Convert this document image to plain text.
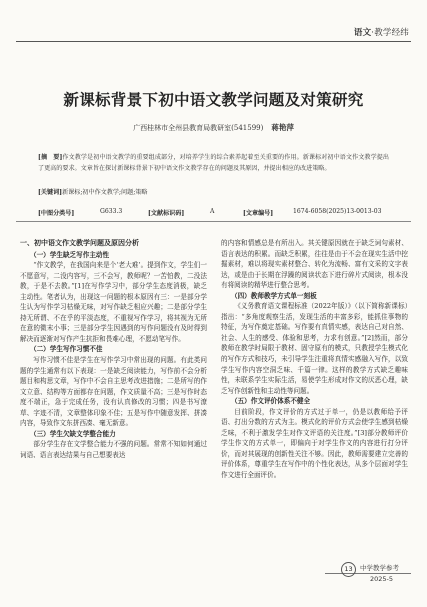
语文·教学经纬
新课标背景下初中语文教学问题及对策研究
广西桂林市全州县教育局教研室(541599) 蒋艳萍
[摘　要]作文教学是初中语文教学的重要组成部分，对培养学生的综合素养起着至关重要的作用。新课标对初中语文作文教学提出了更高的要求。文章旨在探讨新课标背景下初中语文作文教学存在的问题及其原因，并提出相应的改进策略。
[关键词]新课标;初中作文教学;问题;策略
[中图分类号]	G633.3	[文献标识码]	A	[文章编号]	1674-6058(2025)13-0013-03

一、初中语文作文教学问题及原因分析

（一）学生缺乏写作主动性

“作文教学，在我国向来是个‘老大难’。提到作文，学生们一不愿意写，二没内容写，三不会写，教师呢？一苦怕教，二没法教，于是不去教。”[1]在写作学习中，部分学生态度消极，缺乏主动性。笔者认为，出现这一问题的根本原因有三：一是部分学生认为写作学习枯燥无味，对写作缺乏相应兴趣；二是部分学生持无所谓、不在乎的平淡态度，不重视写作学习，将其视为无所在意的微末小事；三是部分学生因遇到的写作问题没有及时得到解决而逐渐对写作产生抗拒和畏难心理，不愿动笔写作。

（二）学生写作习惯不佳

写作习惯不佳是学生在写作学习中常出现的问题。有此类问题的学生通常有以下表现：一是缺乏阅读能力，写作前不会分析题目和构思文章，写作中不会自主思考改进措施；二是所写的作文立意、结构等方面都存在问题，作文质量不高；三是写作时态度不端正，急于完成任务，没有认真修改的习惯；四是书写潦草、字迹不清，文章整体印象不佳；五是写作中随意发挥、拼凑内容，导致作文东拼西凑、毫无新意。

（三）学生欠缺文学整合能力

部分学生存在文学整合能力不强的问题。常常不知如何通过词语、语言表达结果与自己想要表达

的内容和情感总是有所出入。其关键原因就在于缺乏词句素材、语言表达的积累。而缺乏积累，往往是由于不会在现实生活中挖掘素材，难以将现实素材整合、转化为流畅、富有文采的文字表达，或是由于长期在浮躁的阅读状态下进行碎片式阅读，根本没有将阅读的精华进行整合思考。

（四）教师教学方式单一刻板

《义务教育语文课程标准（2022年版）》（以下简称新课标）指出：“多角度观察生活，发现生活的丰富多彩，能抓住事物的特征，为写作奠定基础。写作要有真情实感，表达自己对自然、社会、人生的感受、体验和思考，力求有创意。”[2]然而，部分教师在教学时局限于教材、固守原有的模式，只教授学生模式化的写作方式和技巧，未引导学生注重将真情实感融入写作，以致学生写作内容空洞乏味、千篇一律。这样的教学方式缺乏趣味性，未联系学生实际生活，易使学生形成对作文的厌恶心理，缺乏写作创新性和主动性等问题。

（五）作文评价体系不健全

目前阶段，作文评价的方式过于单一，仍是以教师给予评语、打出分数的方式为主。模式化的评价方式会使学生感到枯燥乏味，不利于激发学生对作文评语的关注度。”[3]部分教师评价学生作文的方式单一，即偏向于对学生作文的内容进行打分评价，而对其展现的创新性关注不够。因此，教师需要建立完善的评价体系，尊重学生在写作中的个性化表达，从多个层面对学生作文进行全面评价。

13	中学教学参考
2025-5
